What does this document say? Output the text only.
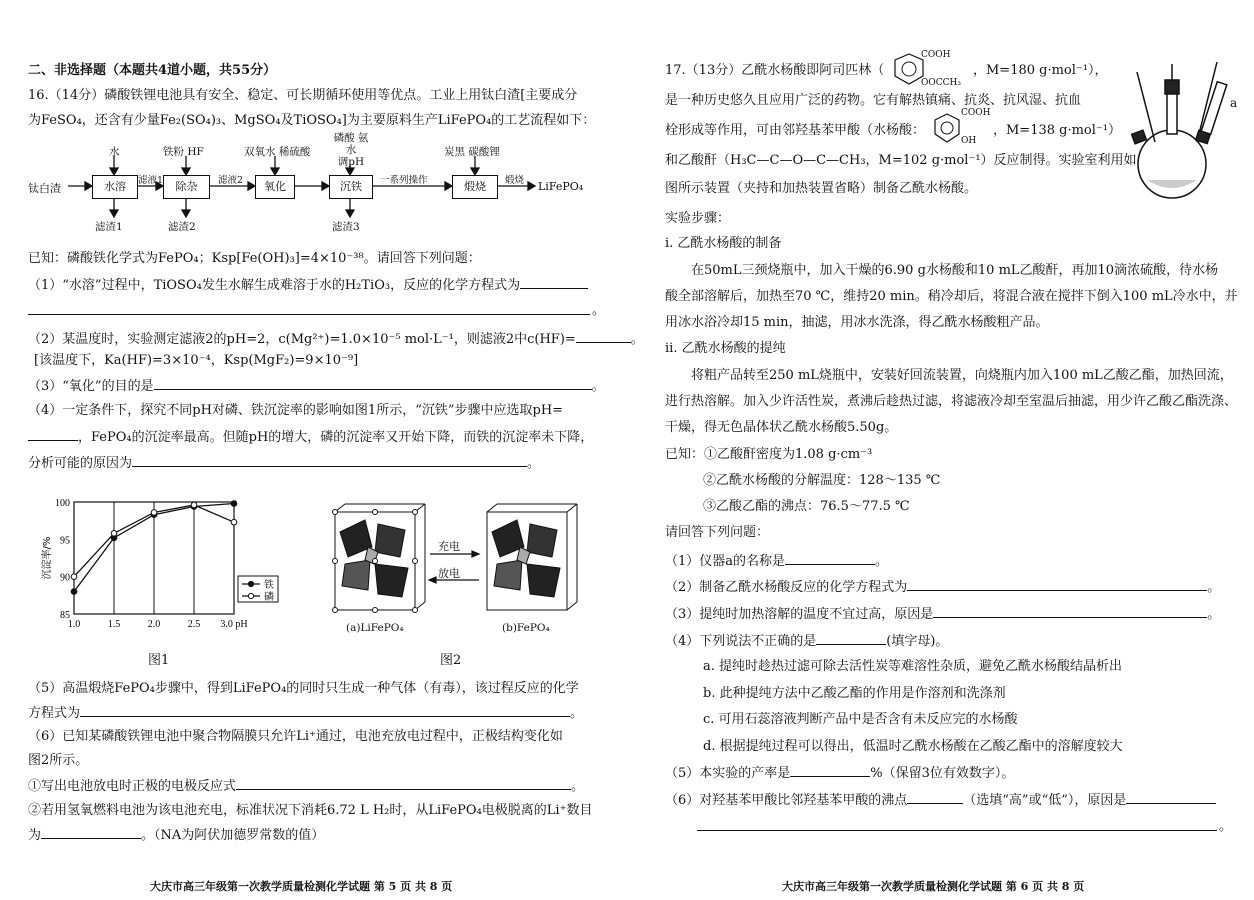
二、非选择题（本题共4道小题，共55分）
16.（14分）磷酸铁锂电池具有安全、稳定、可长期循环使用等优点。工业上用钛白渣[主要成分
为FeSO₄，还含有少量Fe₂(SO₄)₃、MgSO₄及TiOSO₄]为主要原料生产LiFePO₄的工艺流程如下：
钛白渣	水溶
水
滤渣1
滤液1	除杂
铁粉 HF
滤渣2
滤液2	氧化
双氧水 稀硫酸
沉铁
磷酸 氨水
调pH
滤渣3
一系列操作	煅烧
炭黑 碳酸锂
煅烧 LiFePO₄
已知：磷酸铁化学式为FePO₄；Ksp[Fe(OH)₃]=4×10⁻³⁸。请回答下列问题：
（1）“水溶”过程中，TiOSO₄发生水解生成难溶于水的H₂TiO₃，反应的化学方程式为
。
（2）某温度时，实验测定滤液2的pH=2，c(Mg²⁺)=1.0×10⁻⁵ mol·L⁻¹，则滤液2中c(HF)=	。
[该温度下，Ka(HF)=3×10⁻⁴，Ksp(MgF₂)=9×10⁻⁹]
（3）“氧化”的目的是	。
（4）一定条件下，探究不同pH对磷、铁沉淀率的影响如图1所示，“沉铁”步骤中应选取pH=
，FePO₄的沉淀率最高。但随pH的增大，磷的沉淀率又开始下降，而铁的沉淀率未下降，
分析可能的原因为	。
1.0	1.5	2.0	2.5 3.0 pH
85
90
95
100
沉淀率/%
铁
磷
图1
充电
放电
(a)LiFePO₄	(b)FePO₄
图2
（5）高温煅烧FePO₄步骤中，得到LiFePO₄的同时只生成一种气体（有毒），该过程反应的化学
方程式为	。
（6）已知某磷酸铁锂电池中聚合物隔膜只允许Li⁺通过，电池充放电过程中，正极结构变化如
图2所示。
①写出电池放电时正极的电极反应式	。
②若用氢氧燃料电池为该电池充电，标准状况下消耗6.72 L H₂时，从LiFePO₄电极脱离的Li⁺数目
为	。（NA为阿伏加德罗常数的值）
大庆市高三年级第一次教学质量检测化学试题 第 5 页 共 8 页
17.（13分）乙酰水杨酸即阿司匹林（
COOH
OOCCH₃
，M=180 g·mol⁻¹），
是一种历史悠久且应用广泛的药物。它有解热镇痛、抗炎、抗风湿、抗血
栓形成等作用，可由邻羟基苯甲酸（水杨酸：
COOH
OH
，M=138 g·mol⁻¹）
和乙酸酐（H₃C—C—O—C—CH₃，M=102 g·mol⁻¹）反应制得。实验室利用如
图所示装置（夹持和加热装置省略）制备乙酰水杨酸。
a
实验步骤：
i. 乙酰水杨酸的制备
在50mL三颈烧瓶中，加入干燥的6.90 g水杨酸和10 mL乙酸酐，再加10滴浓硫酸，待水杨
酸全部溶解后，加热至70 ℃，维持20 min。稍冷却后，将混合液在搅拌下倒入100 mL冷水中，并
用冰水浴冷却15 min，抽滤，用冰水洗涤，得乙酰水杨酸粗产品。
ii. 乙酰水杨酸的提纯
将粗产品转至250 mL烧瓶中，安装好回流装置，向烧瓶内加入100 mL乙酸乙酯，加热回流，
进行热溶解。加入少许活性炭，煮沸后趁热过滤，将滤液冷却至室温后抽滤，用少许乙酸乙酯洗涤、
干燥，得无色晶体状乙酰水杨酸5.50g。
已知：①乙酸酐密度为1.08 g·cm⁻³
②乙酰水杨酸的分解温度：128～135 ℃
③乙酸乙酯的沸点：76.5～77.5 ℃
请回答下列问题：
（1）仪器a的名称是	。
（2）制备乙酰水杨酸反应的化学方程式为	。
（3）提纯时加热溶解的温度不宜过高，原因是	。
（4）下列说法不正确的是	(填字母)。
a. 提纯时趁热过滤可除去活性炭等难溶性杂质，避免乙酰水杨酸结晶析出
b. 此种提纯方法中乙酸乙酯的作用是作溶剂和洗涤剂
c. 可用石蕊溶液判断产品中是否含有未反应完的水杨酸
d. 根据提纯过程可以得出，低温时乙酰水杨酸在乙酸乙酯中的溶解度较大
（5）本实验的产率是	%（保留3位有效数字）。
（6）对羟基苯甲酸比邻羟基苯甲酸的沸点	（选填“高”或“低”），原因是
。
大庆市高三年级第一次教学质量检测化学试题 第 6 页 共 8 页
